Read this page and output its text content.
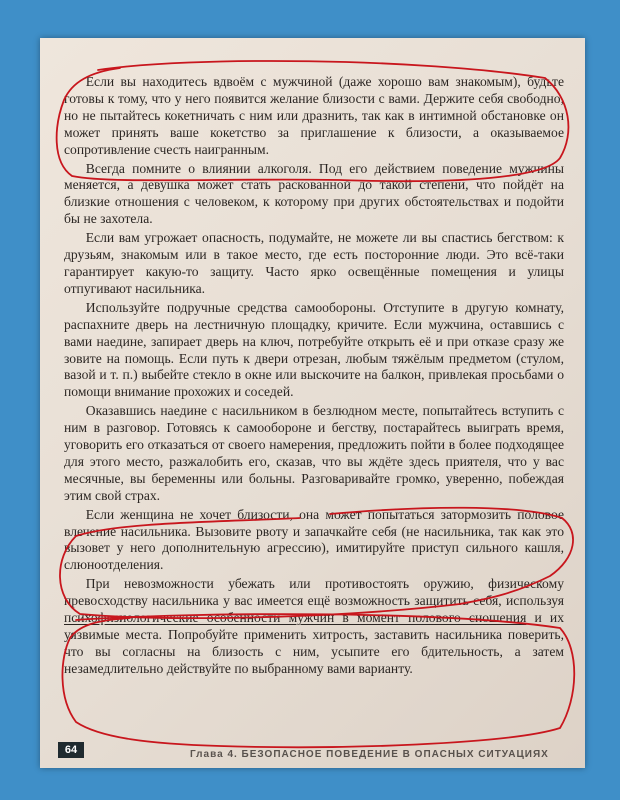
Если вы находитесь вдвоём с мужчиной (даже хорошо вам знакомым), будьте готовы к тому, что у него появится желание близости с вами. Держите себя свободно, но не пытайтесь кокетничать с ним или дразнить, так как в интимной обстановке он может принять ваше кокетство за приглашение к близости, а оказываемое сопротивление счесть наигранным.

Всегда помните о влиянии алкоголя. Под его действием поведение мужчины меняется, а девушка может стать раскованной до такой степени, что пойдёт на близкие отношения с человеком, к которому при других обстоятельствах и подойти бы не захотела.

Если вам угрожает опасность, подумайте, не можете ли вы спастись бегством: к друзьям, знакомым или в такое место, где есть посторонние люди. Это всё-таки гарантирует какую-то защиту. Часто ярко освещённые помещения и улицы отпугивают насильника.

Используйте подручные средства самообороны. Отступите в другую комнату, распахните дверь на лестничную площадку, кричите. Если мужчина, оставшись с вами наедине, запирает дверь на ключ, потребуйте открыть её и при отказе сразу же зовите на помощь. Если путь к двери отрезан, любым тяжёлым предметом (стулом, вазой и т. п.) выбейте стекло в окне или выскочите на балкон, привлекая просьбами о помощи внимание прохожих и соседей.

Оказавшись наедине с насильником в безлюдном месте, попытайтесь вступить с ним в разговор. Готовясь к самообороне и бегству, постарайтесь выиграть время, уговорить его отказаться от своего намерения, предложить пойти в более подходящее для этого место, разжалобить его, сказав, что вы ждёте здесь приятеля, что у вас месячные, вы беременны или больны. Разговаривайте громко, уверенно, побеждая этим свой страх.

Если женщина не хочет близости, она может попытаться затормозить половое влечение насильника. Вызовите рвоту и запачкайте себя (не насильника, так как это вызовет у него дополнительную агрессию), имитируйте приступ сильного кашля, слюноотделения.

При невозможности убежать или противостоять оружию, физическому превосходству насильника у вас имеется ещё возможность защитить себя, используя психофизиологические особенности мужчин в момент полового сношения и их уязвимые места. Попробуйте применить хитрость, заставить насильника поверить, что вы согласны на близость с ним, усыпите его бдительность, а затем незамедлительно действуйте по выбранному вами варианту.

64	Глава 4. БЕЗОПАСНОЕ ПОВЕДЕНИЕ В ОПАСНЫХ СИТУАЦИЯХ
